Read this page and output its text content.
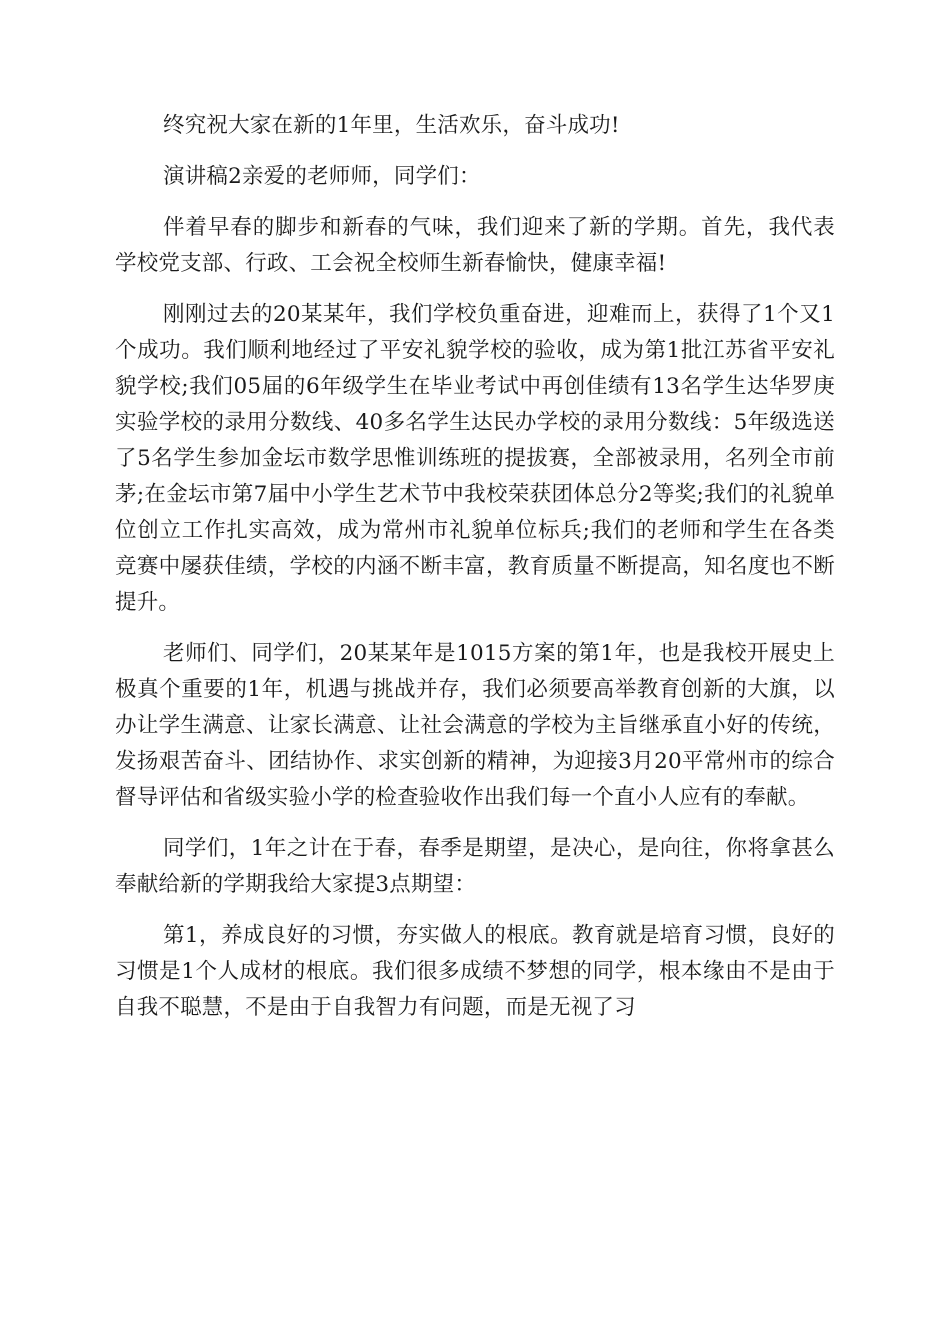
终究祝大家在新的1年里，生活欢乐，奋斗成功!

演讲稿2亲爱的老师师，同学们：

伴着早春的脚步和新春的气味，我们迎来了新的学期。首先，我代表学校党支部、行政、工会祝全校师生新春愉快，健康幸福!

刚刚过去的20某某年，我们学校负重奋进，迎难而上，获得了1个又1个成功。我们顺利地经过了平安礼貌学校的验收，成为第1批江苏省平安礼貌学校;我们05届的6年级学生在毕业考试中再创佳绩有13名学生达华罗庚实验学校的录用分数线、40多名学生达民办学校的录用分数线：5年级选送了5名学生参加金坛市数学思惟训练班的提拔赛，全部被录用，名列全市前茅;在金坛市第7届中小学生艺术节中我校荣获团体总分2等奖;我们的礼貌单位创立工作扎实高效，成为常州市礼貌单位标兵;我们的老师和学生在各类竞赛中屡获佳绩，学校的内涵不断丰富，教育质量不断提高，知名度也不断提升。

老师们、同学们，20某某年是1015方案的第1年，也是我校开展史上极真个重要的1年，机遇与挑战并存，我们必须要高举教育创新的大旗，以办让学生满意、让家长满意、让社会满意的学校为主旨继承直小好的传统，发扬艰苦奋斗、团结协作、求实创新的精神，为迎接3月20平常州市的综合督导评估和省级实验小学的检查验收作出我们每一个直小人应有的奉献。

同学们，1年之计在于春，春季是期望，是决心，是向往，你将拿甚么奉献给新的学期我给大家提3点期望：

第1，养成良好的习惯，夯实做人的根底。教育就是培育习惯，良好的习惯是1个人成材的根底。我们很多成绩不梦想的同学，根本缘由不是由于自我不聪慧，不是由于自我智力有问题，而是无视了习
